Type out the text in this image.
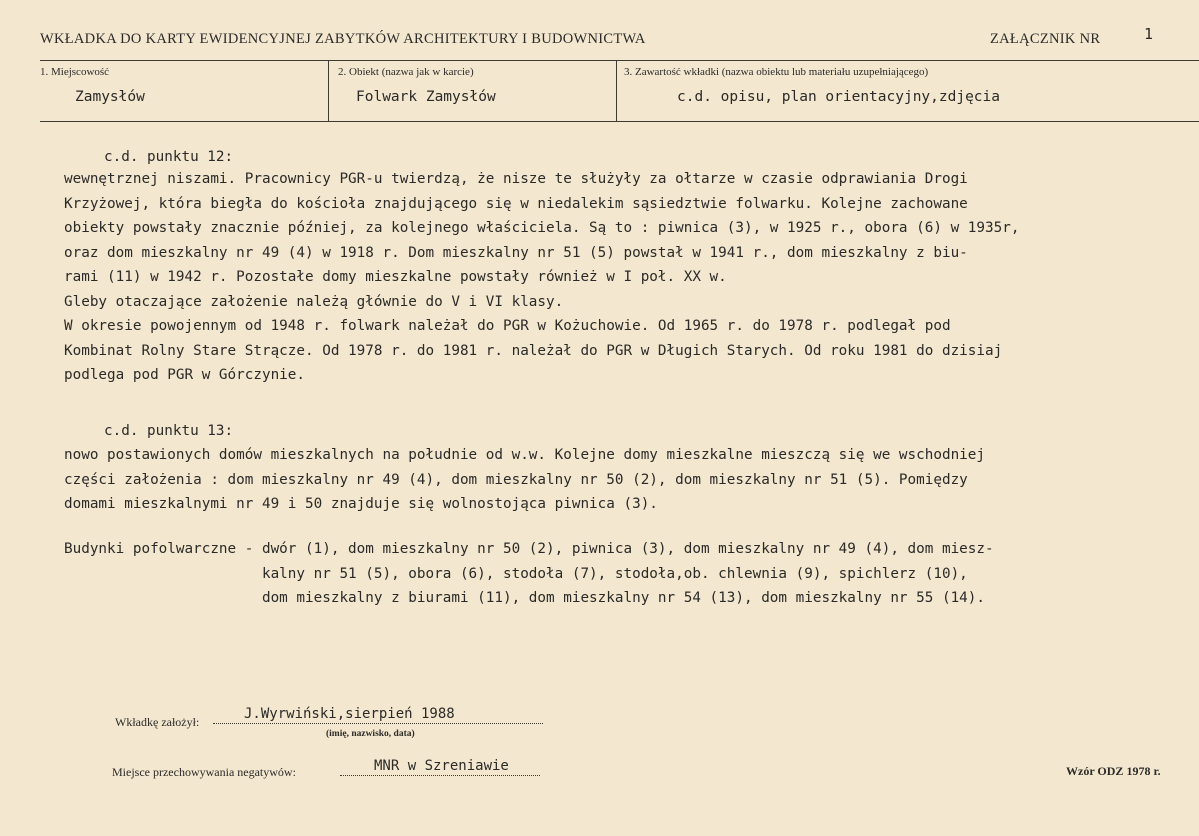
WKŁADKA DO KARTY EWIDENCYJNEJ ZABYTKÓW ARCHITEKTURY I BUDOWNICTWA	ZAŁĄCZNIK NR	1
1. Miejscowość
Zamysłów
2. Obiekt (nazwa jak w karcie)
Folwark Zamysłów
3. Zawartość wkładki (nazwa obiektu lub materiału uzupełniającego)
c.d. opisu, plan orientacyjny,zdjęcia
c.d. punktu 12:
wewnętrznej niszami. Pracownicy PGR-u twierdzą, że nisze te służyły za ołtarze w czasie odprawiania Drogi
Krzyżowej, która biegła do kościoła znajdującego się w niedalekim sąsiedztwie folwarku. Kolejne zachowane
obiekty powstały znacznie później, za kolejnego właściciela. Są to : piwnica (3), w 1925 r., obora (6) w 1935r,
oraz dom mieszkalny nr 49 (4) w 1918 r. Dom mieszkalny nr 51 (5) powstał w 1941 r., dom mieszkalny z biu-
rami (11) w 1942 r. Pozostałe domy mieszkalne powstały również w I poł. XX w.
Gleby otaczające założenie należą głównie do V i VI klasy.
W okresie powojennym od 1948 r. folwark należał do PGR w Kożuchowie. Od 1965 r. do 1978 r. podlegał pod
Kombinat Rolny Stare Strącze. Od 1978 r. do 1981 r. należał do PGR w Długich Starych. Od roku 1981 do dzisiaj
podlega pod PGR w Górczynie.
c.d. punktu 13:
nowo postawionych domów mieszkalnych na południe od w.w. Kolejne domy mieszkalne mieszczą się we wschodniej
części założenia : dom mieszkalny nr 49 (4), dom mieszkalny nr 50 (2), dom mieszkalny nr 51 (5). Pomiędzy
domami mieszkalnymi nr 49 i 50 znajduje się wolnostojąca piwnica (3).
Budynki pofolwarczne - dwór (1), dom mieszkalny nr 50 (2), piwnica (3), dom mieszkalny nr 49 (4), dom miesz-
kalny nr 51 (5), obora (6), stodoła (7), stodoła,ob. chlewnia (9), spichlerz (10),
dom mieszkalny z biurami (11), dom mieszkalny nr 54 (13), dom mieszkalny nr 55 (14).
Wkładkę założył:	J.Wyrwiński,sierpień 1988
(imię, nazwisko, data)
Miejsce przechowywania negatywów:	MNR w Szreniawie	Wzór ODZ 1978 r.
